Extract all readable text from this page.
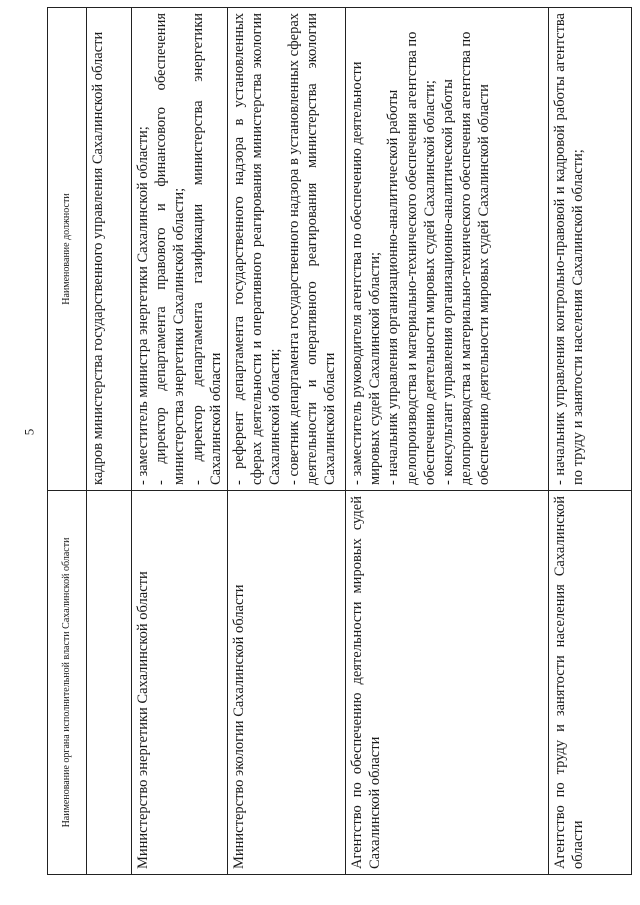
5
Наименование органа исполнительной власти Сахалинской области	Наименование должности

	кадров министерства государственного управления Сахалинской области

Министерство энергетики Сахалинской области	- заместитель министра энергетики Сахалинской области; - директор департамента правового и финансового обеспечения министерства энергетики Сахалинской области; - директор департамента газификации министерства энергетики Сахалинской области

Министерство экологии Сахалинской области	- референт департамента государственного надзора в установленных сферах деятельности и оперативного реагирования министерства экологии Сахалинской области; - советник департамента государственного надзора в установленных сферах деятельности и оперативного реагирования министерства экологии Сахалинской области

Агентство по обеспечению деятельности мировых судей Сахалинской области	- заместитель руководителя агентства по обеспечению деятельности мировых судей Сахалинской области; - начальник управления организационно-аналитической работы делопроизводства и материально-технического обеспечения агентства по обеспечению деятельности мировых судей Сахалинской области; - консультант управления организационно-аналитической работы делопроизводства и материально-технического обеспечения агентства по обеспечению деятельности мировых судей Сахалинской области

Агентство по труду и занятости населения Сахалинской области	- начальник управления контрольно-правовой и кадровой работы агентства по труду и занятости населения Сахалинской области;
